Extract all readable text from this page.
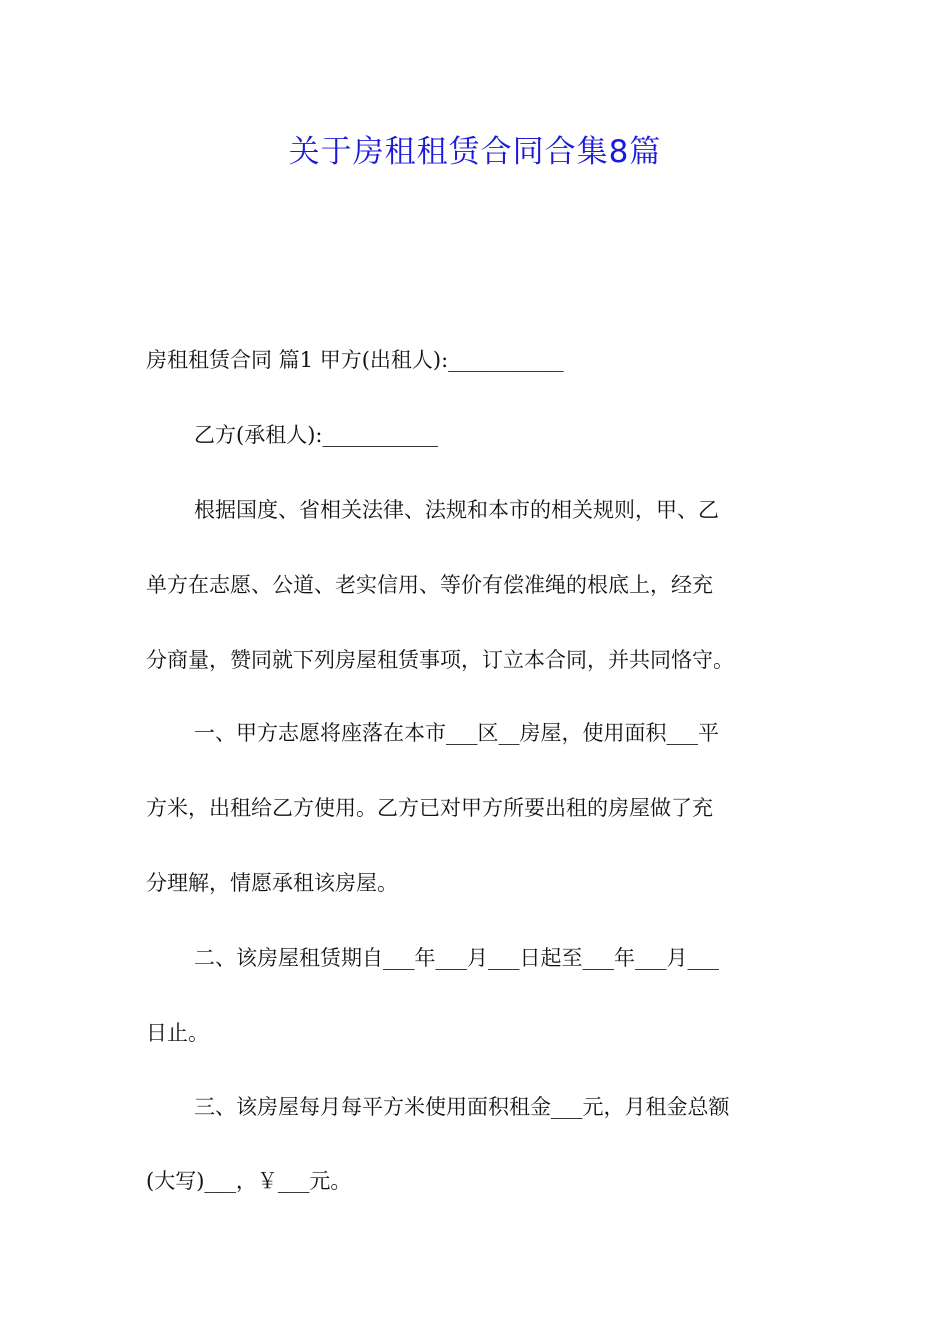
关于房租租赁合同合集8篇
房租租赁合同 篇1 甲方(出租人):___________
乙方(承租人):___________
根据国度、省相关法律、法规和本市的相关规则，甲、乙
单方在志愿、公道、老实信用、等价有偿准绳的根底上，经充
分商量，赞同就下列房屋租赁事项，订立本合同，并共同恪守。
一、甲方志愿将座落在本市___区__房屋，使用面积___平
方米，出租给乙方使用。乙方已对甲方所要出租的房屋做了充
分理解，情愿承租该房屋。
二、该房屋租赁期自___年___月___日起至___年___月___
日止。
三、该房屋每月每平方米使用面积租金___元，月租金总额
(大写)___，￥___元。
